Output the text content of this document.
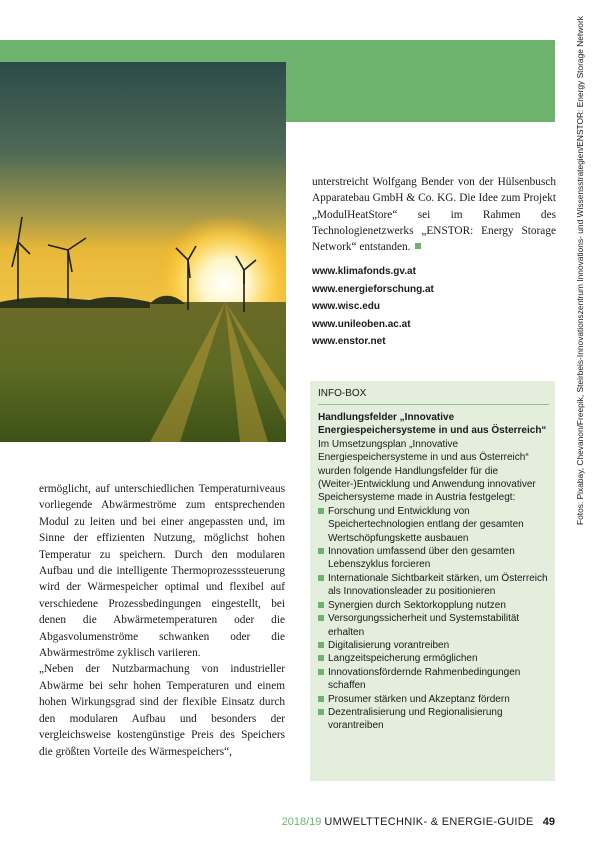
unterstreicht Wolfgang Bender von der Hülsenbusch Apparatebau GmbH & Co. KG. Die Idee zum Projekt „ModulHeatStore“ sei im Rahmen des Technologienetzwerks „ENSTOR: Energy Storage Network“ entstanden.
www.klimafonds.gv.at
www.energieforschung.at
www.wisc.edu
www.unileoben.ac.at
www.enstor.net

ermöglicht, auf unterschiedlichen Temperaturniveaus vorliegende Abwärmeströme zum entsprechenden Modul zu leiten und bei einer angepassten und, im Sinne der effizienten Nutzung, möglichst hohen Temperatur zu speichern. Durch den modularen Aufbau und die intelligente Thermoprozesssteuerung wird der Wärmespeicher optimal und flexibel auf verschiedene Prozessbedingungen eingestellt, bei denen die Abwärmetemperaturen oder die Abgasvolumenströme schwanken oder die Abwärmeströme zyklisch variieren.

„Neben der Nutzbarmachung von industrieller Abwärme bei sehr hohen Temperaturen und einem hohen Wirkungsgrad sind der flexible Einsatz durch den modularen Aufbau und besonders der vergleichsweise kostengünstige Preis des Speichers die größten Vorteile des Wärmespeichers“,

INFO-BOX
Handlungsfelder „Innovative Energiespeichersysteme in und aus Österreich“
Im Umsetzungsplan „Innovative Energiespeichersysteme in und aus Österreich“ wurden folgende Handlungsfelder für die (Weiter-)Entwicklung und Anwendung innovativer Speichersysteme made in Austria festgelegt:
Forschung und Entwicklung von Speichertechnologien entlang der gesamten Wertschöpfungskette ausbauen
Innovation umfassend über den gesamten Lebenszyklus forcieren
Internationale Sichtbarkeit stärken, um Österreich als Innovationsleader zu positionieren
Synergien durch Sektorkopplung nutzen
Versorgungssicherheit und Systemstabilität erhalten
Digitalisierung vorantreiben
Langzeitspeicherung ermöglichen
Innovationsfördernde Rahmenbedingungen schaffen
Prosumer stärken und Akzeptanz fördern
Dezentralisierung und Regionalisierung vorantreiben
Fotos: Pixabay, Chevanon/Freepik, Steirbeis-Innovationszentrum Innovations- und Wissensstrategien/ENSTOR: Energy Storage Network
2018/19 UMWELTTECHNIK- & ENERGIE-GUIDE 49
